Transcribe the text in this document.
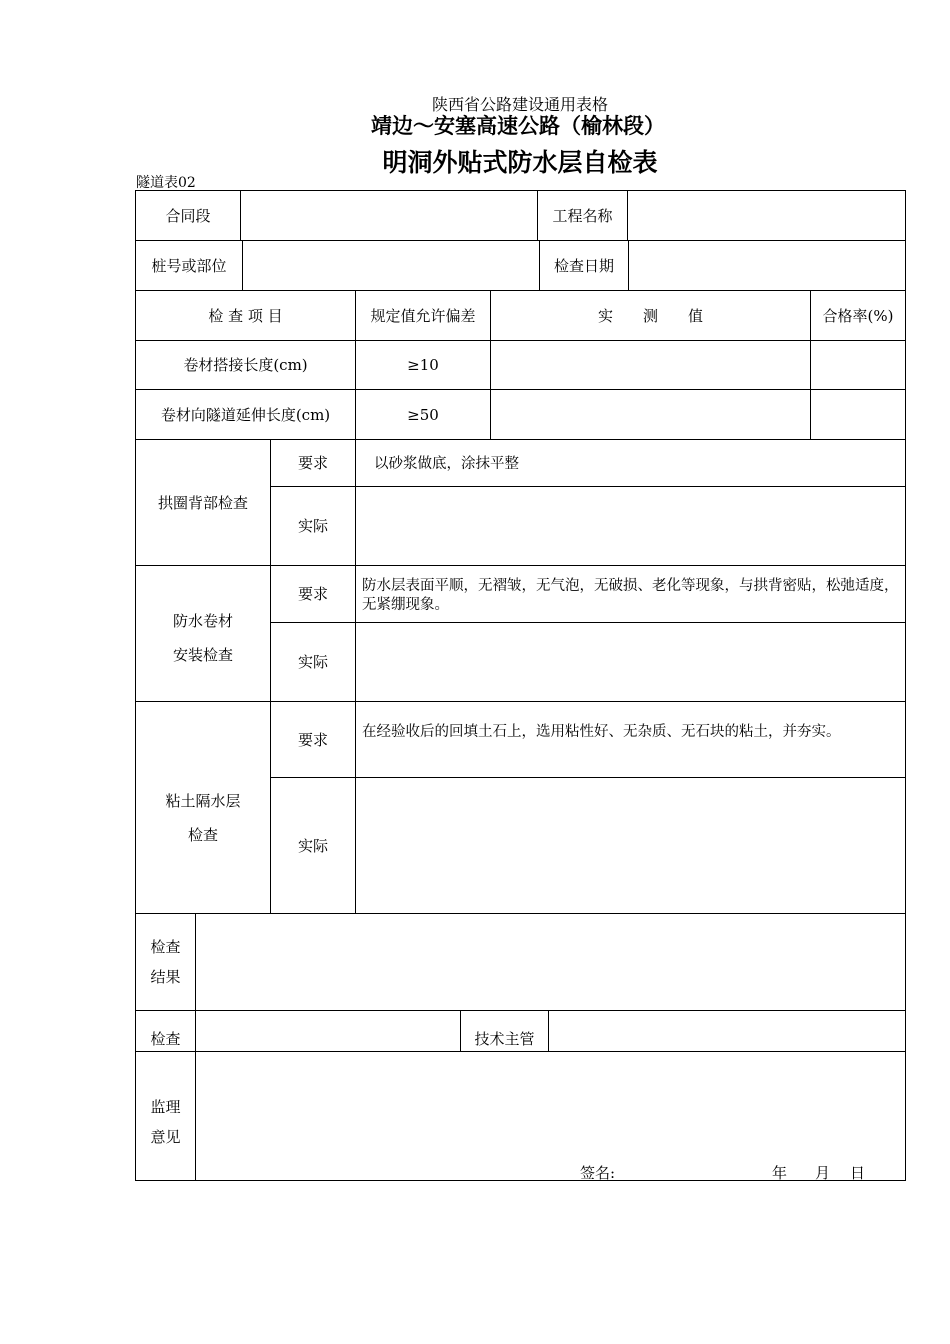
陕西省公路建设通用表格
靖边～安塞高速公路（榆林段）
明洞外贴式防水层自检表
隧道表02
合同段	工程名称
桩号或部位	检查日期
检 查 项 目	规定值允许偏差	实　　测　　值	合格率(%)
卷材搭接长度(cm)	≥10
卷材向隧道延伸长度(cm)	≥50
拱圈背部检查
要求	以砂浆做底，涂抹平整
实际
防水卷材
安装检查
要求	防水层表面平顺，无褶皱，无气泡，无破损、老化等现象，与拱背密贴，松弛适度，无紧绷现象。
实际
粘土隔水层
检查
要求	在经验收后的回填土石上，选用粘性好、无杂质、无石块的粘土，并夯实。
实际
检查
结果
检查	技术主管
监理
意见
签名:	年 月 日
